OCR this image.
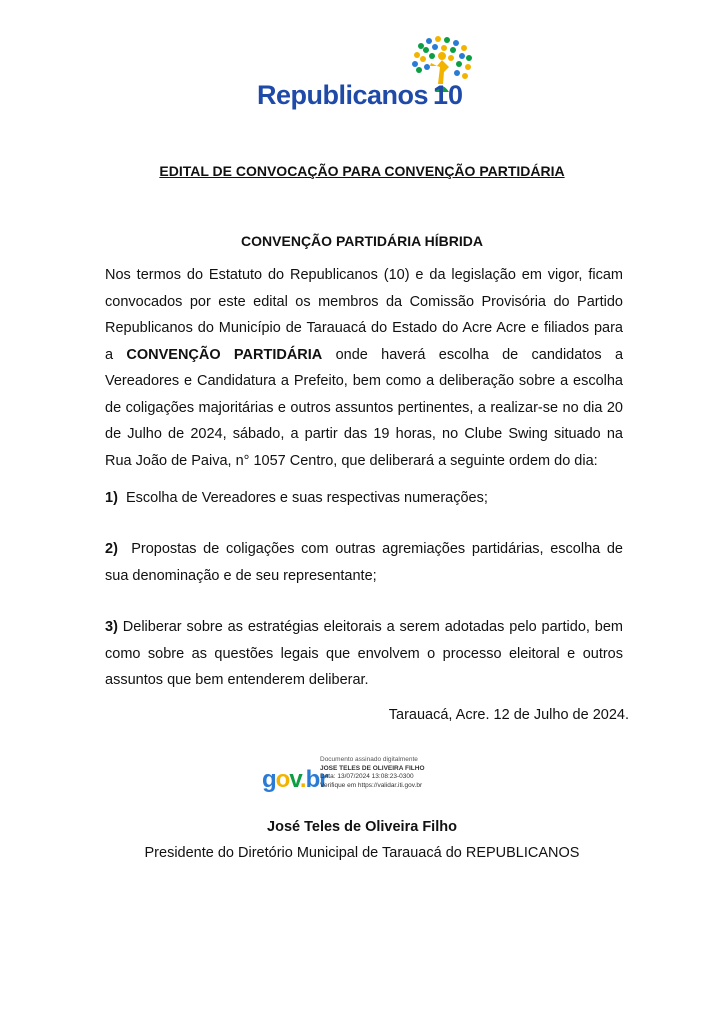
Republicanos 10
EDITAL DE CONVOCAÇÃO PARA CONVENÇÃO PARTIDÁRIA
CONVENÇÃO PARTIDÁRIA HÍBRIDA

Nos termos do Estatuto do Republicanos (10) e da legislação em vigor, ficam convocados por este edital os membros da Comissão Provisória do Partido Republicanos do Município de Tarauacá do Estado do Acre Acre e filiados para a CONVENÇÃO PARTIDÁRIA onde haverá escolha de candidatos a Vereadores e Candidatura a Prefeito, bem como a deliberação sobre a escolha de coligações majoritárias e outros assuntos pertinentes, a realizar-se no dia 20 de Julho de 2024, sábado, a partir das 19 horas, no Clube Swing situado na Rua João de Paiva, n° 1057 Centro, que deliberará a seguinte ordem do dia:

1) Escolha de Vereadores e suas respectivas numerações;

2) Propostas de coligações com outras agremiações partidárias, escolha de sua denominação e de seu representante;

3) Deliberar sobre as estratégias eleitorais a serem adotadas pelo partido, bem como sobre as questões legais que envolvem o processo eleitoral e outros assuntos que bem entenderem deliberar.

Tarauacá, Acre. 12 de Julho de 2024.
gov.br
Documento assinado digitalmente
JOSE TELES DE OLIVEIRA FILHO
Data: 13/07/2024 13:08:23-0300
Verifique em https://validar.iti.gov.br
José Teles de Oliveira Filho
Presidente do Diretório Municipal de Tarauacá do REPUBLICANOS
